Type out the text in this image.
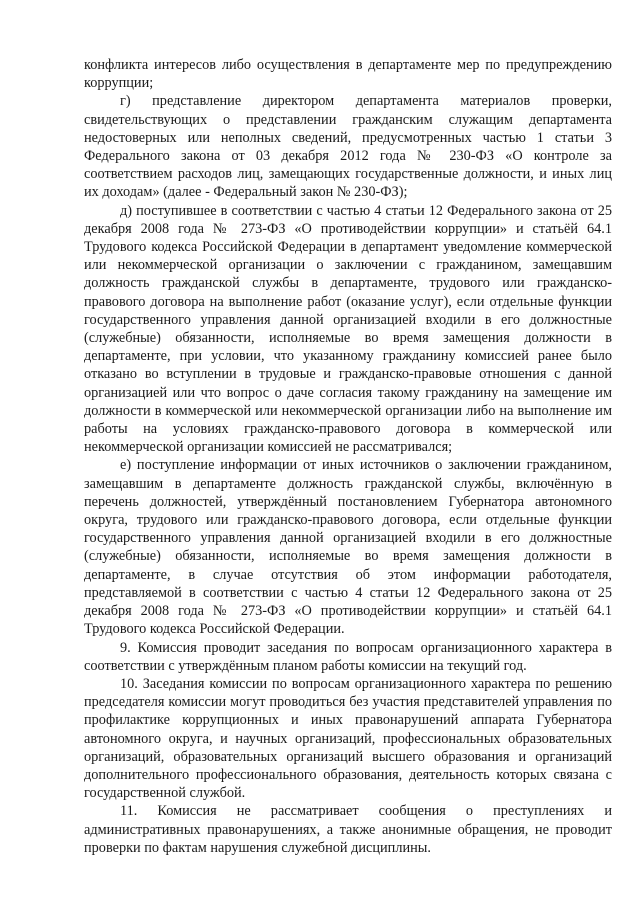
конфликта интересов либо осуществления в департаменте мер по предупреждению коррупции;

г) представление директором департамента материалов проверки, свидетельствующих о представлении гражданским служащим департамента недостоверных или неполных сведений, предусмотренных частью 1 статьи 3 Федерального закона от 03 декабря 2012 года № 230-ФЗ «О контроле за соответствием расходов лиц, замещающих государственные должности, и иных лиц их доходам» (далее - Федеральный закон № 230-ФЗ);

д) поступившее в соответствии с частью 4 статьи 12 Федерального закона от 25 декабря 2008 года № 273-ФЗ «О противодействии коррупции» и статьёй 64.1 Трудового кодекса Российской Федерации в департамент уведомление коммерческой или некоммерческой организации о заключении с гражданином, замещавшим должность гражданской службы в департаменте, трудового или гражданско-правового договора на выполнение работ (оказание услуг), если отдельные функции государственного управления данной организацией входили в его должностные (служебные) обязанности, исполняемые во время замещения должности в департаменте, при условии, что указанному гражданину комиссией ранее было отказано во вступлении в трудовые и гражданско-правовые отношения с данной организацией или что вопрос о даче согласия такому гражданину на замещение им должности в коммерческой или некоммерческой организации либо на выполнение им работы на условиях гражданско-правового договора в коммерческой или некоммерческой организации комиссией не рассматривался;

е) поступление информации от иных источников о заключении гражданином, замещавшим в департаменте должность гражданской службы, включённую в перечень должностей, утверждённый постановлением Губернатора автономного округа, трудового или гражданско-правового договора, если отдельные функции государственного управления данной организацией входили в его должностные (служебные) обязанности, исполняемые во время замещения должности в департаменте, в случае отсутствия об этом информации работодателя, представляемой в соответствии с частью 4 статьи 12 Федерального закона от 25 декабря 2008 года № 273-ФЗ «О противодействии коррупции» и статьёй 64.1 Трудового кодекса Российской Федерации.

9. Комиссия проводит заседания по вопросам организационного характера в соответствии с утверждённым планом работы комиссии на текущий год.

10. Заседания комиссии по вопросам организационного характера по решению председателя комиссии могут проводиться без участия представителей управления по профилактике коррупционных и иных правонарушений аппарата Губернатора автономного округа, и научных организаций, профессиональных образовательных организаций, образовательных организаций высшего образования и организаций дополнительного профессионального образования, деятельность которых связана с государственной службой.

11. Комиссия не рассматривает сообщения о преступлениях и административных правонарушениях, а также анонимные обращения, не проводит проверки по фактам нарушения служебной дисциплины.
